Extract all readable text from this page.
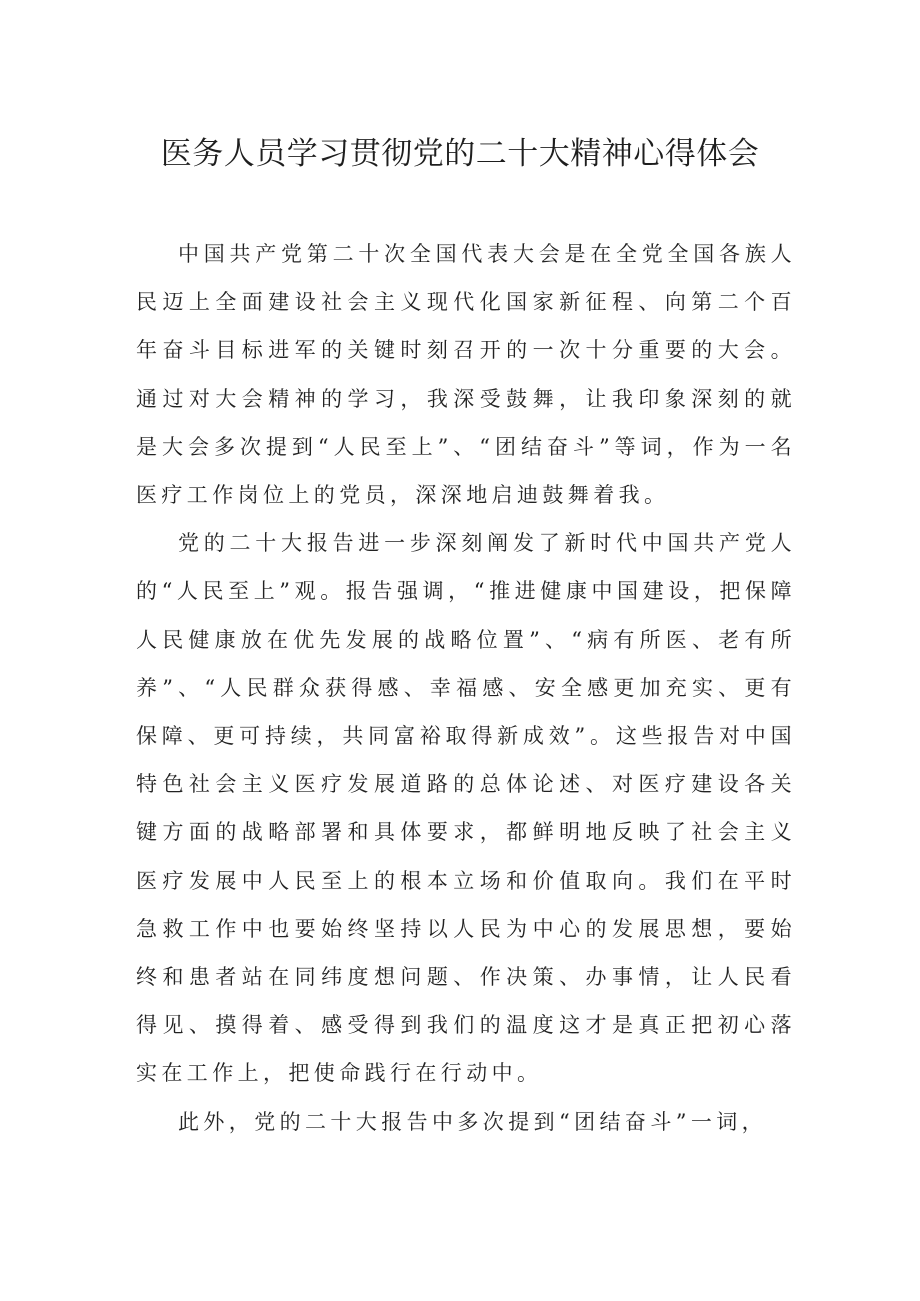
医务人员学习贯彻党的二十大精神心得体会

中国共产党第二十次全国代表大会是在全党全国各族人民迈上全面建设社会主义现代化国家新征程、向第二个百年奋斗目标进军的关键时刻召开的一次十分重要的大会。通过对大会精神的学习，我深受鼓舞，让我印象深刻的就是大会多次提到“人民至上”、“团结奋斗”等词，作为一名医疗工作岗位上的党员，深深地启迪鼓舞着我。

党的二十大报告进一步深刻阐发了新时代中国共产党人的“人民至上”观。报告强调，“推进健康中国建设，把保障人民健康放在优先发展的战略位置”、“病有所医、老有所养”、“人民群众获得感、幸福感、安全感更加充实、更有保障、更可持续，共同富裕取得新成效”。这些报告对中国特色社会主义医疗发展道路的总体论述、对医疗建设各关键方面的战略部署和具体要求，都鲜明地反映了社会主义医疗发展中人民至上的根本立场和价值取向。我们在平时急救工作中也要始终坚持以人民为中心的发展思想，要始终和患者站在同纬度想问题、作决策、办事情，让人民看得见、摸得着、感受得到我们的温度这才是真正把初心落实在工作上，把使命践行在行动中。

此外，党的二十大报告中多次提到“团结奋斗”一词，
